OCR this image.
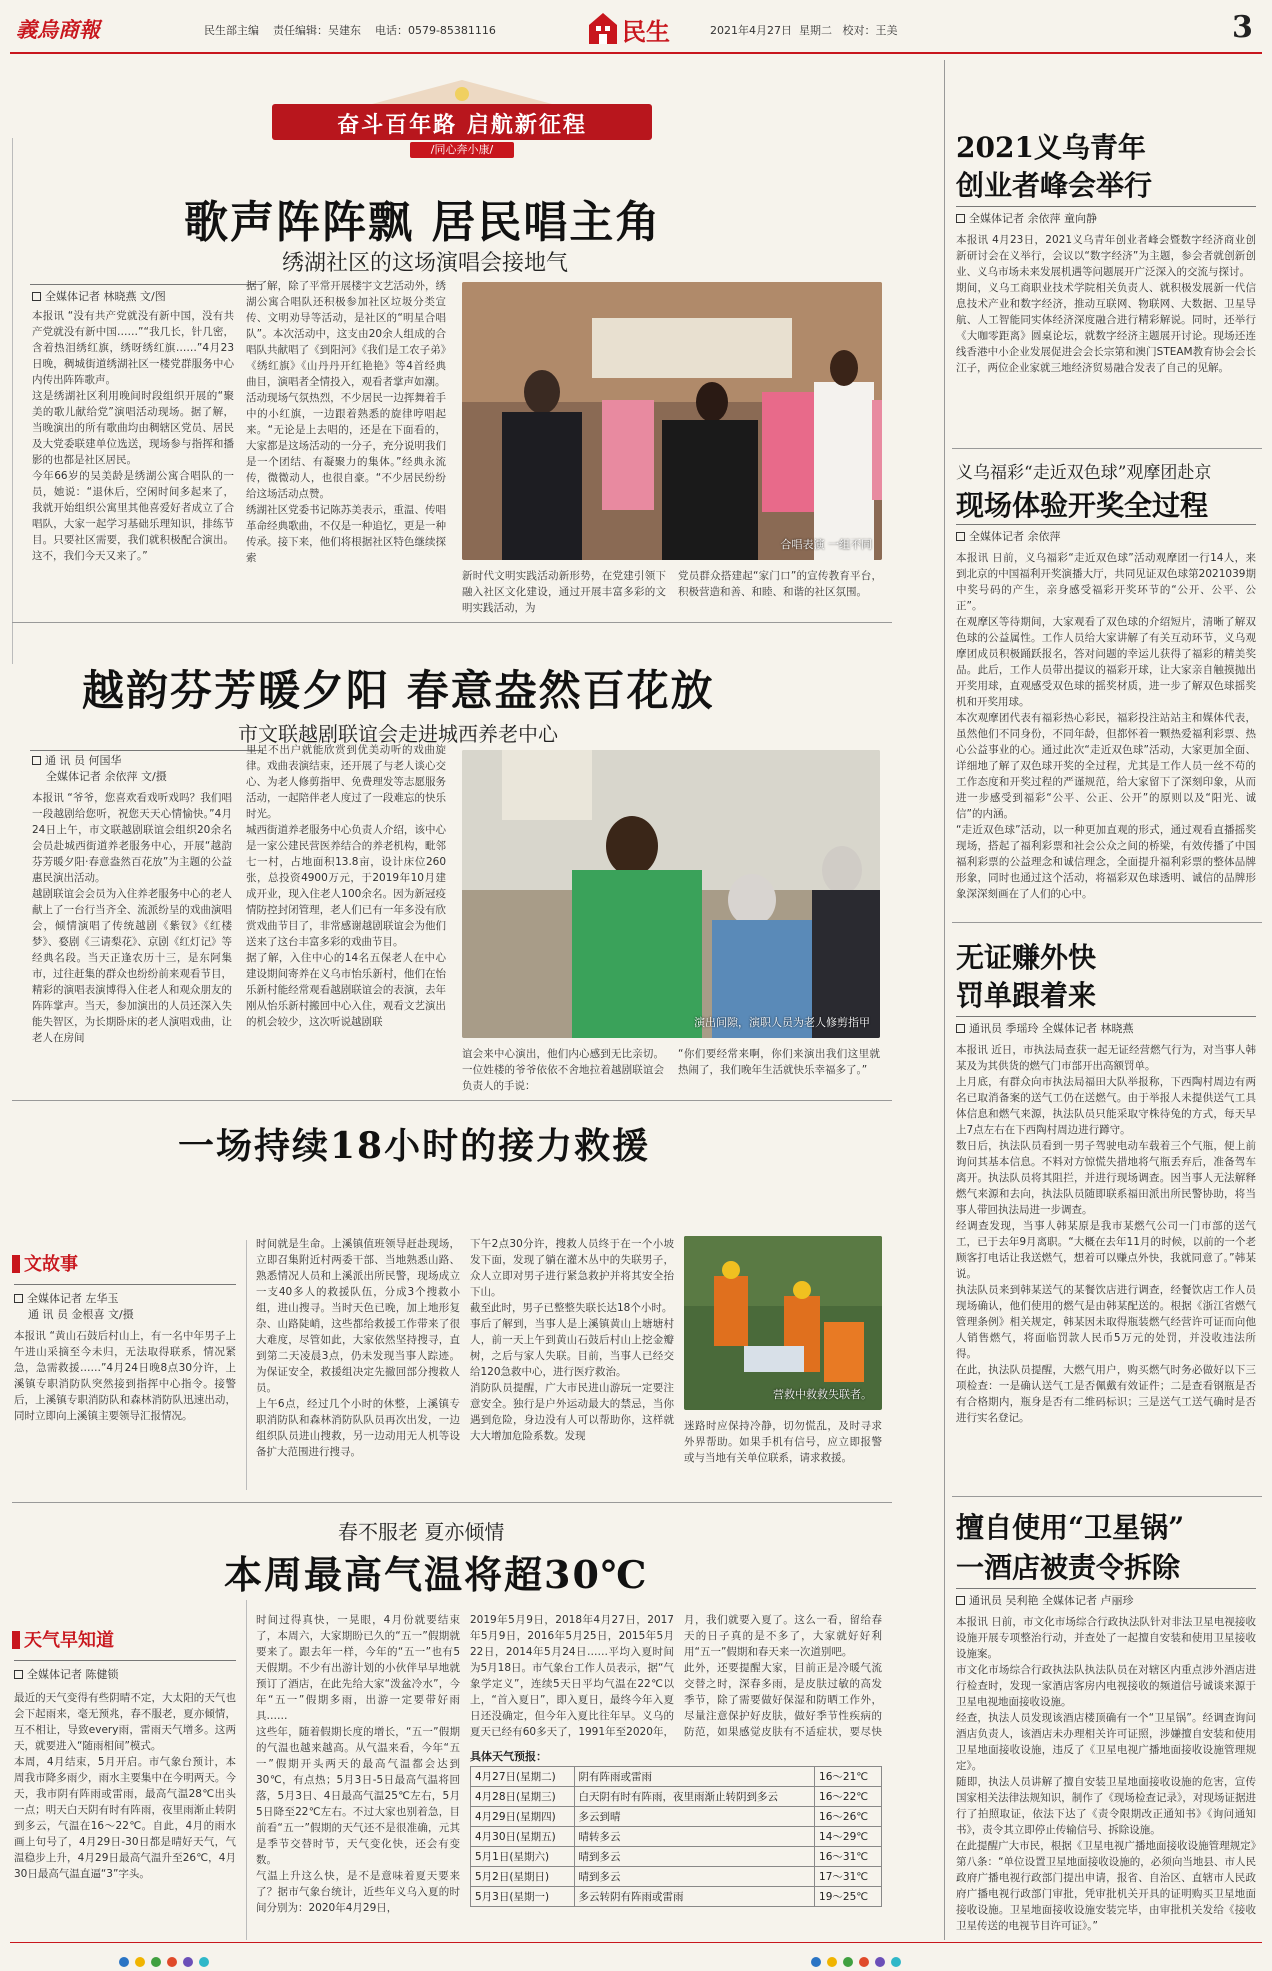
義烏商報	民生部主编    责任编辑：吴建东    电话：0579-85381116	民生	2021年4月27日  星期二   校对：王美	3
奋斗百年路 启航新征程
/同心奔小康/
歌声阵阵飘 居民唱主角
绣湖社区的这场演唱会接地气
全媒体记者 林晓燕 文/图
本报讯 “没有共产党就没有新中国，没有共产党就没有新中国……”“我几长，针几密，含着热泪绣红旗，绣呀绣红旗……”4月23日晚，稠城街道绣湖社区一楼党群服务中心内传出阵阵歌声。
这是绣湖社区利用晚间时段组织开展的“聚美的歌儿献给党”演唱活动现场。据了解，当晚演出的所有歌曲均由稠辖区党员、居民及大党委联建单位选送，现场参与指挥和播影的也都是社区居民。
今年66岁的吴美龄是绣湖公寓合唱队的一员，她说：“退休后，空闲时间多起来了，我就开始组织公寓里其他喜爱好者成立了合唱队，大家一起学习基础乐理知识，排练节目。只要社区需要，我们就积极配合演出。这不，我们今天又来了。”
据了解，除了平常开展楼宇文艺活动外，绣湖公寓合唱队还积极参加社区垃圾分类宣传、文明劝导等活动，是社区的“明星合唱队”。本次活动中，这支由20余人组成的合唱队共献唱了《到阳河》《我们是工农子弟》《绣红旗》《山丹丹开红艳艳》等4首经典曲目，演唱者全情投入，观看者掌声如潮。
活动现场气氛热烈，不少居民一边挥舞着手中的小红旗，一边跟着熟悉的旋律哼唱起来。“无论是上去唱的，还是在下面看的，大家都是这场活动的一分子，充分说明我们是一个团结、有凝聚力的集体。”经典永流传，微微动人，也很自豪。“不少居民纷纷给这场活动点赞。
绣湖社区党委书记陈苏美表示，重温、传唱革命经典歌曲，不仅是一种追忆，更是一种传承。接下来，他们将根据社区特色继续探索
合唱表演 一组不同
新时代文明实践活动新形势，在党建引领下融入社区文化建设，通过开展丰富多彩的文明实践活动，为
党员群众搭建起“家门口”的宣传教育平台，积极营造和善、和睦、和谐的社区氛围。
越韵芬芳暖夕阳 春意盎然百花放
市文联越剧联谊会走进城西养老中心
通 讯 员 何国华
全媒体记者 余依萍 文/摄
本报讯 “爷爷，您喜欢看戏听戏吗？我们唱一段越剧给您听，祝您天天心情愉快。”4月24日上午，市文联越剧联谊会组织20余名会员赴城西街道养老服务中心，开展“越韵芬芳暖夕阳·春意盎然百花放”为主题的公益惠民演出活动。
越剧联谊会会员为入住养老服务中心的老人献上了一台行当齐全、流派纷呈的戏曲演唱会，倾情演唱了传统越剧《紫钗》《红楼梦》、婺剧《三请梨花》、京剧《红灯记》等经典名段。当天正逢农历十三，是东阿集市，过往赶集的群众也纷纷前来观看节目，精彩的演唱表演博得入住老人和观众朋友的阵阵掌声。当天，参加演出的人员还深入失能失智区，为长期卧床的老人演唱戏曲，让老人在房间
里足不出户就能欣赏到优美动听的戏曲旋律。戏曲表演结束，还开展了与老人谈心交心、为老人修剪指甲、免费理发等志愿服务活动，一起陪伴老人度过了一段难忘的快乐时光。
城西街道养老服务中心负责人介绍，该中心是一家公建民营医养结合的养老机构，毗邻七一村，占地面积13.8亩，设计床位260张，总投资4900万元，于2019年10月建成开业，现入住老人100余名。因为新冠疫情防控封闭管理，老人们已有一年多没有欣赏戏曲节目了，非常感谢越剧联谊会为他们送来了这台丰富多彩的戏曲节目。
据了解，入住中心的14名五保老人在中心建设期间寄养在义乌市怡乐新村，他们在怡乐新村能经常观看越剧联谊会的表演，去年刚从怡乐新村搬回中心入住，观看文艺演出的机会较少，这次听说越剧联	演出间隙，演职人员为老人修剪指甲
谊会来中心演出，他们内心感到无比亲切。一位姓楼的爷爷依依不舍地拉着越剧联谊会负责人的手说：
“你们要经常来啊，你们来演出我们这里就热闹了，我们晚年生活就快乐幸福多了。”
一场持续18小时的接力救援
文故事
全媒体记者 左华玉
通 讯 员 金根喜 文/摄
本报讯 “黄山石鼓后村山上，有一名中年男子上午进山采摘至今未归，无法取得联系，情况紧急，急需救援……”4月24日晚8点30分许，上溪镇专职消防队突然接到指挥中心指令。接警后，上溪镇专职消防队和森林消防队迅速出动，同时立即向上溪镇主要领导汇报情况。
时间就是生命。上溪镇值班领导赶赴现场，立即召集附近村两委干部、当地熟悉山路、熟悉情况人员和上溪派出所民警，现场成立一支40多人的救援队伍，分成3个搜救小组，进山搜寻。当时天色已晚，加上地形复杂、山路陡峭，这些都给救援工作带来了很大难度，尽管如此，大家依然坚持搜寻，直到第二天凌晨3点，仍未发现当事人踪迹。为保证安全，救援组决定先撤回部分搜救人员。
上午6点，经过几个小时的休整，上溪镇专职消防队和森林消防队队员再次出发，一边组织队员进山搜救，另一边动用无人机等设备扩大范围进行搜寻。
下午2点30分许，搜救人员终于在一个小坡发下面，发现了躺在灌木丛中的失联男子，众人立即对男子进行紧急救护并将其安全抬下山。
截至此时，男子已整整失联长达18个小时。
事后了解到，当事人是上溪镇黄山上塘塘村人，前一天上午到黄山石鼓后村山上挖金瓣树，之后与家人失联。目前，当事人已经交给120急救中心，进行医疗救治。
消防队员提醒，广大市民进山游玩一定要注意安全。独行是户外运动最大的禁忌，当你遇到危险，身边没有人可以帮助你，这样就大大增加危险系数。发现
营救中救救失联者。
迷路时应保持冷静，切勿慌乱，及时寻求外界帮助。如果手机有信号，应立即报警或与当地有关单位联系，请求救援。
春不服老 夏亦倾情
本周最高气温将超30℃
天气早知道
全媒体记者 陈健锁
最近的天气变得有些阴晴不定，大太阳的天气也会下起雨来，毫无预兆，春不服老，夏亦倾情，互不相让，导致every雨，雷雨天气增多。这两天，就要进入“随雨相间”模式。
本周，4月结束，5月开启。市气象台预计，本周我市降多雨少，雨水主要集中在今明两天。今天，我市阴有阵雨或雷雨，最高气温28℃出头一点；明天白天阴有时有阵雨，夜里雨渐止转阴到多云，气温在16～22℃。自此，4月的雨水画上句号了，4月29日-30日都是晴好天气，气温稳步上升，4月29日最高气温升至26℃，4月30日最高气温直逼“3”字头。
时间过得真快，一晃眼，4月份就要结束了，本周六，大家期盼已久的“五一”假期就要来了。跟去年一样，今年的“五一”也有5天假期。不少有出游计划的小伙伴早早地就预订了酒店，在此先给大家“泼盆冷水”，今年“五一”假期多雨，出游一定要带好雨具……
这些年，随着假期长度的增长，“五一”假期的气温也越来越高。从气温来看，今年“五一”假期开头两天的最高气温都会达到30℃，有点热；5月3日-5日最高气温将回落，5月3日、4日最高气温25℃左右，5月5日降至22℃左右。不过大家也别着急，目前看“五一”假期的天气还不是很准确，元其是季节交替时节，天气变化快，还会有变数。
气温上升这么快，是不是意味着夏天要来了？据市气象台统计，近些年义乌入夏的时间分别为：2020年4月29日，
2019年5月9日，2018年4月27日，2017年5月9日，2016年5月25日，2015年5月22日，2014年5月24日……平均入夏时间为5月18日。市气象台工作人员表示，据“气象学定义”，连续5天日平均气温在22℃以上，“首入夏日”，即入夏日，最终今年入夏日还没确定，但今年入夏比往年早。义乌的夏天已经有60多天了，1991年至2020年，
月，我们就要入夏了。这么一看，留给春天的日子真的是不多了，大家就好好利用“五一”假期和春天来一次道别吧。
此外，还要提醒大家，目前正是冷暖气流交替之时，深春多雨，是皮肤过敏的高发季节，除了需要做好保湿和防晒工作外，尽量注意保护好皮肤，做好季节性疾病的防范，如果感觉皮肤有不适症状，要尽快
具体天气预报：
4月27日(星期二)	阴有阵雨或雷雨	16～21℃
4月28日(星期三)	白天阴有时有阵雨，夜里雨渐止转阴到多云	16～22℃
4月29日(星期四)	多云到晴	16～26℃
4月30日(星期五)	晴转多云	14～29℃
5月1日(星期六)	晴到多云	16～31℃
5月2日(星期日)	晴到多云	17～31℃
5月3日(星期一)	多云转阴有阵雨或雷雨	19～25℃
2021义乌青年
创业者峰会举行
全媒体记者 余依萍 童向静
本报讯 4月23日，2021义乌青年创业者峰会暨数字经济商业创新研讨会在义举行，会议以“数字经济”为主题，参会者就创新创业、义乌市场未来发展机遇等问题展开广泛深入的交流与探讨。
期间，义乌工商职业技术学院相关负责人、就积极发展新一代信息技术产业和数字经济，推动互联网、物联网、大数据、卫星导航、人工智能同实体经济深度融合进行精彩解说。同时，还举行《大咖零距离》圆桌论坛，就数字经济主题展开讨论。现场还连线香港中小企业发展促进会会长宗第和澳门STEAM教育协会会长江子，两位企业家就三地经济贸易融合发表了自己的见解。
义乌福彩“走近双色球”观摩团赴京
现场体验开奖全过程
全媒体记者 余依萍
本报讯 日前，义乌福彩“走近双色球”活动观摩团一行14人，来到北京的中国福利开奖演播大厅，共同见证双色球第2021039期中奖号码的产生，亲身感受福彩开奖环节的“公开、公平、公正”。
在观摩区等待期间，大家观看了双色球的介绍短片，清晰了解双色球的公益属性。工作人员给大家讲解了有关互动环节，义乌观摩团成员积极踊跃报名，答对问题的幸运儿获得了福彩的精美奖品。此后，工作人员带出提议的福彩开球，让大家亲自触摸抛出开奖用球，直观感受双色球的摇奖材质，进一步了解双色球摇奖机和开奖用球。
本次观摩团代表有福彩热心彩民，福彩投注站站主和媒体代表，虽然他们不同身份，不同年龄，但都怀着一颗热爱福利彩票、热心公益事业的心。通过此次“走近双色球”活动，大家更加全面、详细地了解了双色球开奖的全过程，尤其是工作人员一丝不苟的工作态度和开奖过程的严谨规范，给大家留下了深刻印象，从而进一步感受到福彩“公平、公正、公开”的原则以及“阳光、诚信”的内涵。
“走近双色球”活动，以一种更加直观的形式，通过观看直播摇奖现场，搭起了福利彩票和社会公众之间的桥梁，有效传播了中国福利彩票的公益理念和诚信理念，全面提升福利彩票的整体品牌形象，同时也通过这个活动，将福彩双色球透明、诚信的品牌形象深深刻画在了人们的心中。
无证赚外快
罚单跟着来
通讯员 季瑶玲 全媒体记者 林晓燕
本报讯 近日，市执法局查获一起无证经营燃气行为，对当事人韩某及为其供货的燃气门市部开出高额罚单。
上月底，有群众向市执法局福田大队举报称，下西陶村周边有两名已取消备案的送气工仍在送燃气。由于举报人未提供送气工具体信息和燃气来源，执法队员只能采取守株待兔的方式，每天早上7点左右在下西陶村周边进行蹲守。
数日后，执法队员看到一男子驾驶电动车载着三个气瓶，便上前询问其基本信息。不料对方惊慌失措地将气瓶丢弃后，准备驾车离开。执法队员将其阻拦，并进行现场调查。因当事人无法解释燃气来源和去向，执法队员随即联系福田派出所民警协助，将当事人带回执法局进一步调查。
经调查发现，当事人韩某原是我市某燃气公司一门市部的送气工，已于去年9月离职。“大概在去年11月的时候，以前的一个老顾客打电话让我送燃气，想着可以赚点外快，我就同意了。”韩某说。
执法队员来到韩某送气的某餐饮店进行调查，经餐饮店工作人员现场确认，他们使用的燃气是由韩某配送的。根据《浙江省燃气管理条例》相关规定，韩某因未取得瓶装燃气经营许可证而向他人销售燃气，将面临罚款人民币5万元的处罚，并没收违法所得。
在此，执法队员提醒，大燃气用户，购买燃气时务必做好以下三项检查：一是确认送气工是否佩戴有效证件；二是查看钢瓶是否有合格期内，瓶身是否有二维码标识；三是送气工送气确时是否进行实名登记。
擅自使用“卫星锅”
一酒店被责令拆除
通讯员 吴利艳 全媒体记者 卢丽珍
本报讯 日前，市文化市场综合行政执法队针对非法卫星电视接收设施开展专项整治行动，并查处了一起擅自安装和使用卫星接收设施案。
市文化市场综合行政执法队执法队员在对辖区内重点涉外酒店进行检查时，发现一家酒店客房内电视接收的频道信号诚谈来源于卫星电视地面接收设施。
经查，执法人员发现该酒店楼顶确有一个“卫星锅”。经调查询问酒店负责人，该酒店未办理相关许可证照，涉嫌擅自安装和使用卫星地面接收设施，违反了《卫星电视广播地面接收设施管理规定》。
随即，执法人员讲解了擅自安装卫星地面接收设施的危害，宣传国家相关法律法规知识，制作了《现场检查记录》，对现场证据进行了拍照取证，依法下达了《责令限期改正通知书》《询问通知书》，责令其立即停止传输信号、拆除设施。
在此提醒广大市民，根据《卫星电视广播地面接收设施管理规定》第八条：“单位设置卫星地面接收设施的，必须向当地县、市人民政府广播电视行政部门提出申请，报省、自治区、直辖市人民政府广播电视行政部门审批，凭审批机关开具的证明购买卫星地面接收设施。卫星地面接收设施安装完毕，由审批机关发给《接收卫星传送的电视节目许可证》。”
